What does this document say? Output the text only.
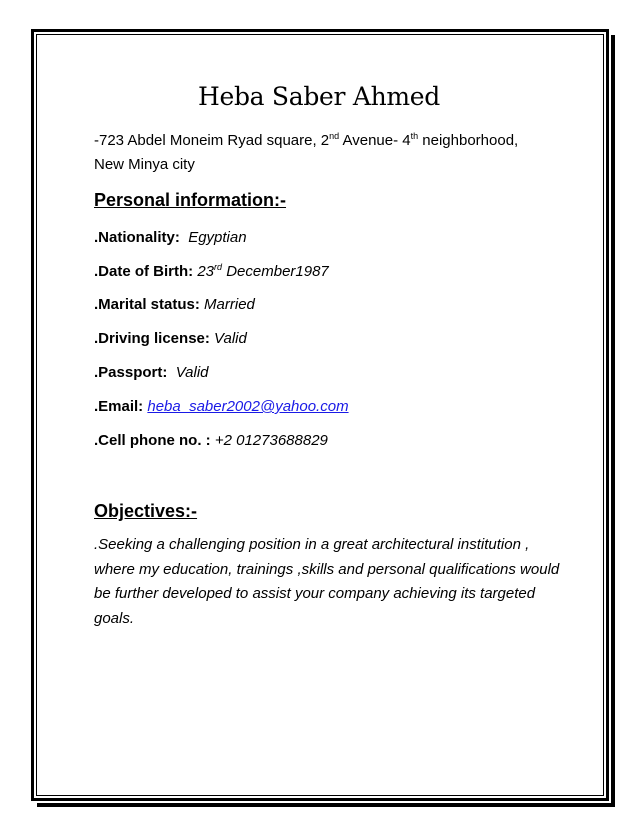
Heba Saber Ahmed
-723 Abdel Moneim Ryad square, 2nd Avenue- 4th neighborhood,
New Minya city
Personal information:-
.Nationality: Egyptian
.Date of Birth: 23rd December1987
.Marital status: Married
.Driving license: Valid
.Passport: Valid
.Email: heba_saber2002@yahoo.com
.Cell phone no. : +2 01273688829
Objectives:-
.Seeking a challenging position in a great architectural institution , where my education, trainings ,skills and personal qualifications would be further developed to assist your company achieving its targeted goals.
